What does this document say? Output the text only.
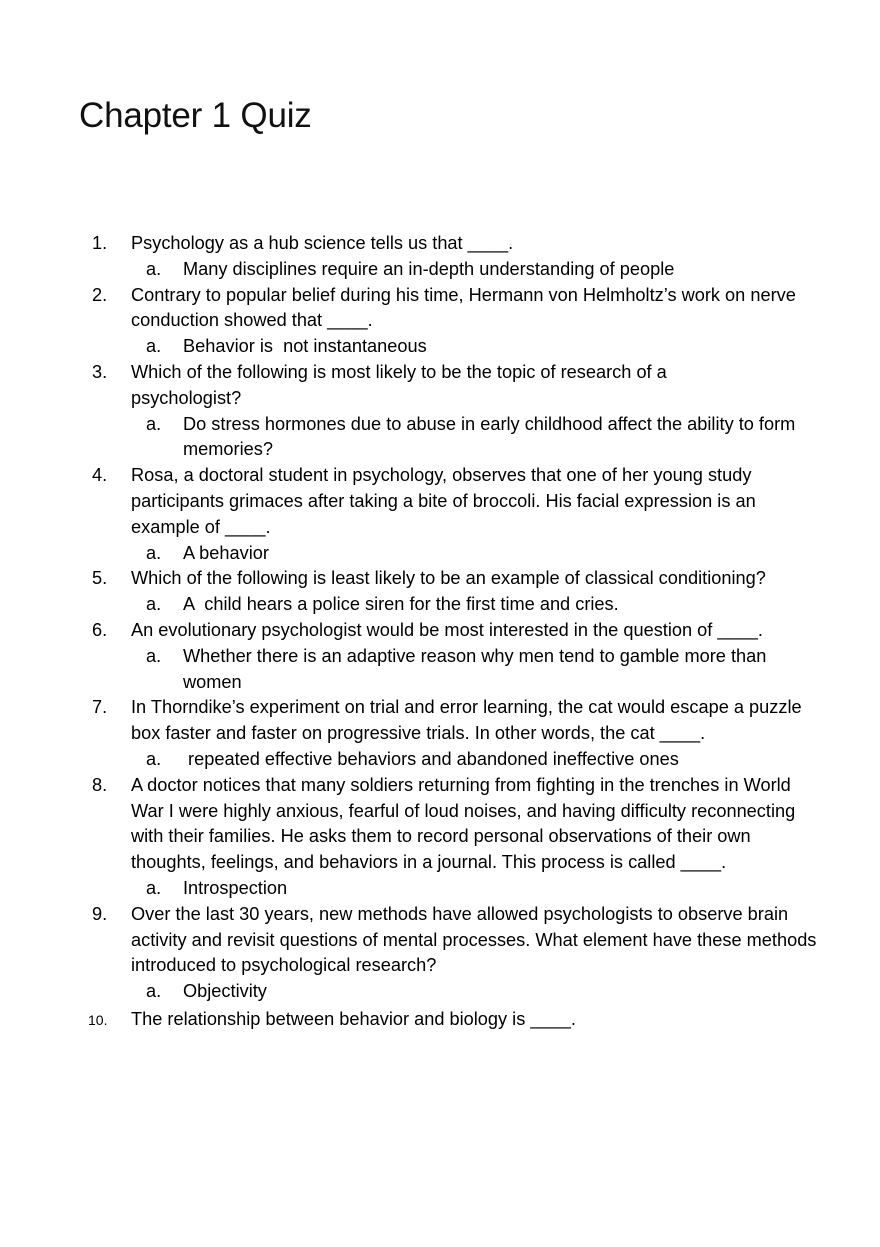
Chapter 1 Quiz
1.	Psychology as a hub science tells us that ____.
a. Many disciplines require an in-depth understanding of people
2.	Contrary to popular belief during his time, Hermann von Helmholtz’s work on nerve conduction showed that ____.
a. Behavior is  not instantaneous
3.	Which of the following is most likely to be the topic of research of a psychologist?
a. Do stress hormones due to abuse in early childhood affect the ability to form memories?
4.	Rosa, a doctoral student in psychology, observes that one of her young study participants grimaces after taking a bite of broccoli. His facial expression is an example of ____.
a. A behavior
5.	Which of the following is least likely to be an example of classical conditioning?
a. A  child hears a police siren for the first time and cries.
6.	An evolutionary psychologist would be most interested in the question of ____.
a. Whether there is an adaptive reason why men tend to gamble more than women
7.	In Thorndike’s experiment on trial and error learning, the cat would escape a puzzle box faster and faster on progressive trials. In other words, the cat ____.
a. repeated effective behaviors and abandoned ineffective ones
8.	A doctor notices that many soldiers returning from fighting in the trenches in World War I were highly anxious, fearful of loud noises, and having difficulty reconnecting with their families. He asks them to record personal observations of their own thoughts, feelings, and behaviors in a journal. This process is called ____.
a. Introspection
9.	Over the last 30 years, new methods have allowed psychologists to observe brain activity and revisit questions of mental processes. What element have these methods introduced to psychological research?
a. Objectivity
10.	The relationship between behavior and biology is ____.
